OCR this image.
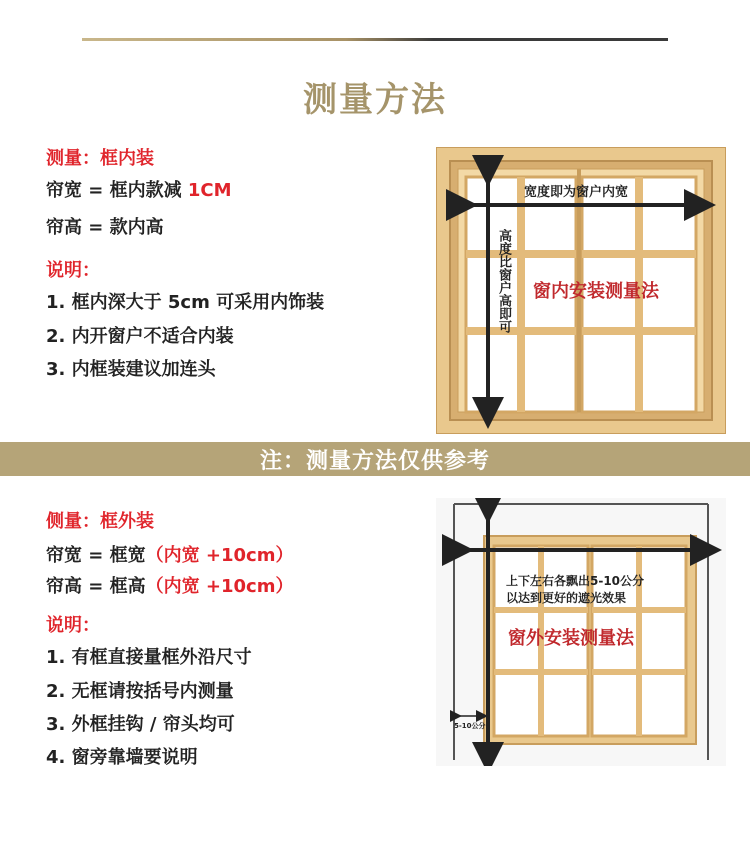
测量方法
测量：框内装
帘宽 = 框内款减 1CM
帘高 = 款内高
说明：
1. 框内深大于 5cm 可采用内饰装
2. 内开窗户不适合内装
3. 内框装建议加连头
宽度即为窗户内宽
高度比窗户高即可 窗内安装测量法
注：测量方法仅供参考
侧量：框外装
帘宽 = 框宽（内宽 +10cm）
帘高 = 框高（内宽 +10cm）
说明：
1. 有框直接量框外沿尺寸
2. 无框请按括号内测量
3. 外框挂钩 / 帘头均可
4. 窗旁靠墙要说明
5-10公分
上下左右各飘出5-10公分
以达到更好的遮光效果
窗外安装测量法
